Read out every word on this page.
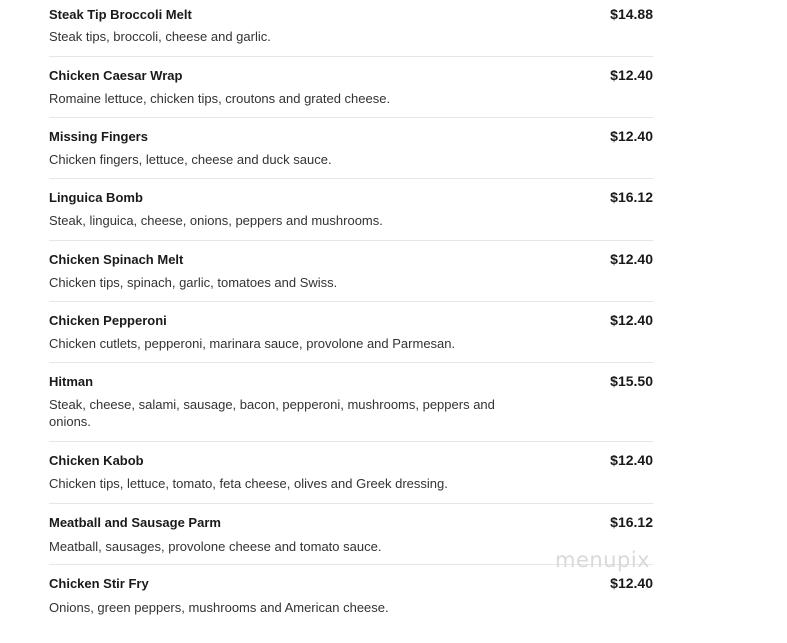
Steak Tip Broccoli Melt	$14.88
Steak tips, broccoli, cheese and garlic.
Chicken Caesar Wrap	$12.40
Romaine lettuce, chicken tips, croutons and grated cheese.
Missing Fingers	$12.40
Chicken fingers, lettuce, cheese and duck sauce.
Linguica Bomb	$16.12
Steak, linguica, cheese, onions, peppers and mushrooms.
Chicken Spinach Melt	$12.40
Chicken tips, spinach, garlic, tomatoes and Swiss.
Chicken Pepperoni	$12.40
Chicken cutlets, pepperoni, marinara sauce, provolone and Parmesan.
Hitman	$15.50
Steak, cheese, salami, sausage, bacon, pepperoni, mushrooms, peppers and onions.
Chicken Kabob	$12.40
Chicken tips, lettuce, tomato, feta cheese, olives and Greek dressing.
Meatball and Sausage Parm	$16.12
Meatball, sausages, provolone cheese and tomato sauce.
Chicken Stir Fry	$12.40
Onions, green peppers, mushrooms and American cheese.
menupix
